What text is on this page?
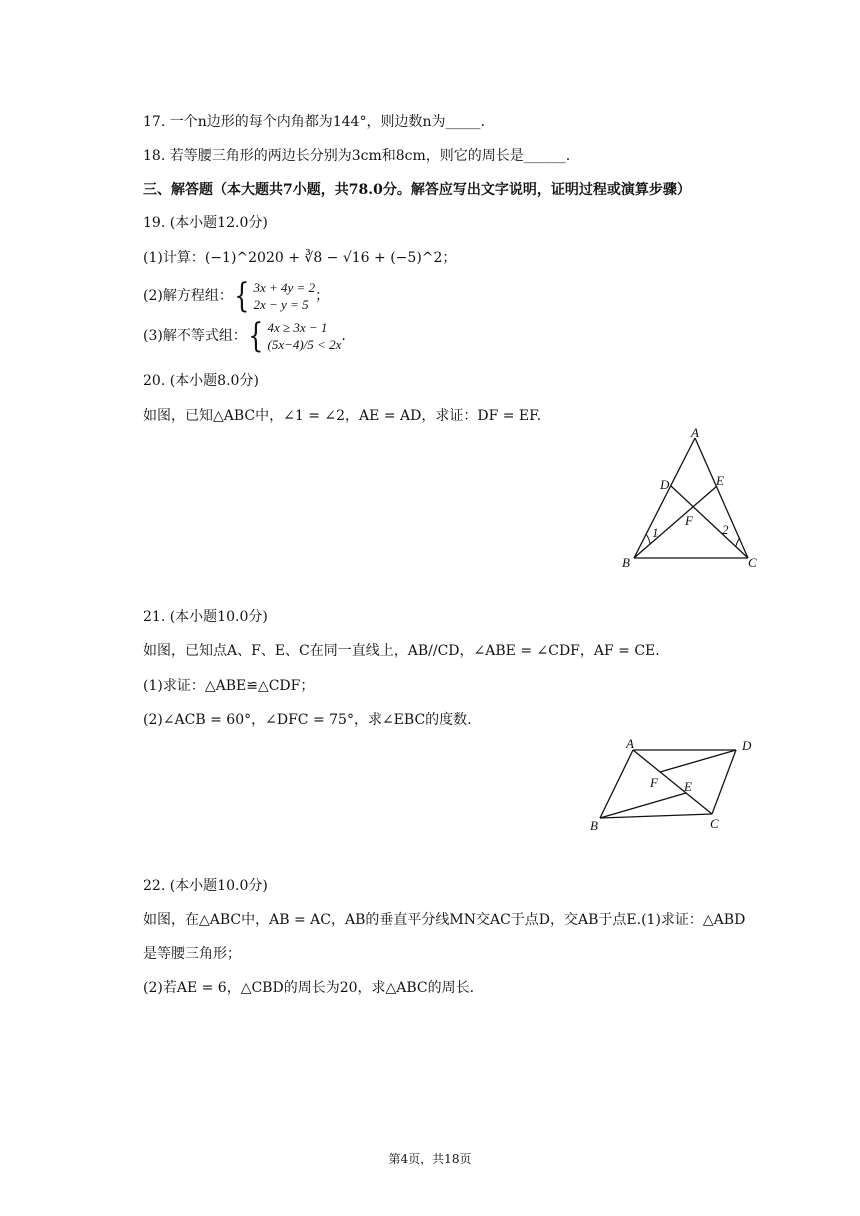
17. 一个n边形的每个内角都为144°，则边数n为_____.
18. 若等腰三角形的两边长分别为3cm和8cm，则它的周长是______.
三、解答题（本大题共7小题，共78.0分。解答应写出文字说明，证明过程或演算步骤）
19. (本小题12.0分)
(1)计算：(−1)^2020 + ∛8 − √16 + (−5)^2；
(2)解方程组： { 3x + 4y = 2
2x − y = 5
；
(3)解不等式组： { 4x ≥ 3x − 1
(5x−4)/5 < 2x
.
20. (本小题8.0分)
如图，已知△ABC中，∠1 = ∠2，AE = AD，求证：DF = EF.
A
D	E
F
1	2
B	C
21. (本小题10.0分)
如图，已知点A、F、E、C在同一直线上，AB//CD，∠ABE = ∠CDF，AF = CE.
(1)求证：△ABE≌△CDF；
(2)∠ACB = 60°，∠DFC = 75°，求∠EBC的度数.
A	D
F E
B	C
22. (本小题10.0分)
如图，在△ABC中，AB = AC，AB的垂直平分线MN交AC于点D，交AB于点E.(1)求证：△ABD
是等腰三角形；
(2)若AE = 6，△CBD的周长为20，求△ABC的周长.
第4页，共18页
